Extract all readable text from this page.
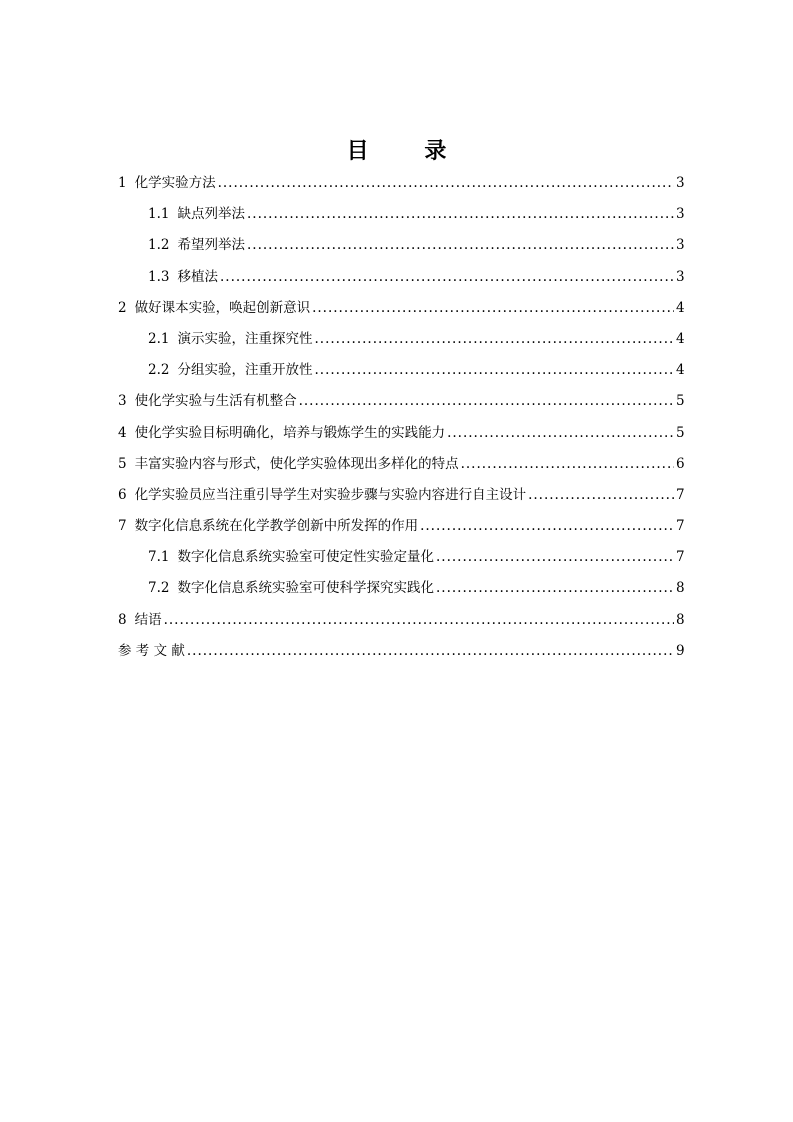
目 录
1 化学实验方法 .....	3
1.1 缺点列举法 .....	3
1.2 希望列举法 .....	3
1.3 移植法 .....	3
2 做好课本实验，唤起创新意识 .....	4
2.1 演示实验，注重探究性 .....	4
2.2 分组实验，注重开放性 .....	4
3 使化学实验与生活有机整合 .....	5
4 使化学实验目标明确化，培养与锻炼学生的实践能力 .....	5
5 丰富实验内容与形式，使化学实验体现出多样化的特点 .....	6
6 化学实验员应当注重引导学生对实验步骤与实验内容进行自主设计 .....	7
7 数字化信息系统在化学教学创新中所发挥的作用 .....	7
7.1 数字化信息系统实验室可使定性实验定量化 .....	7
7.2 数字化信息系统实验室可使科学探究实践化 .....	8
8 结语 .....	8
参 考 文 献 .....	9
